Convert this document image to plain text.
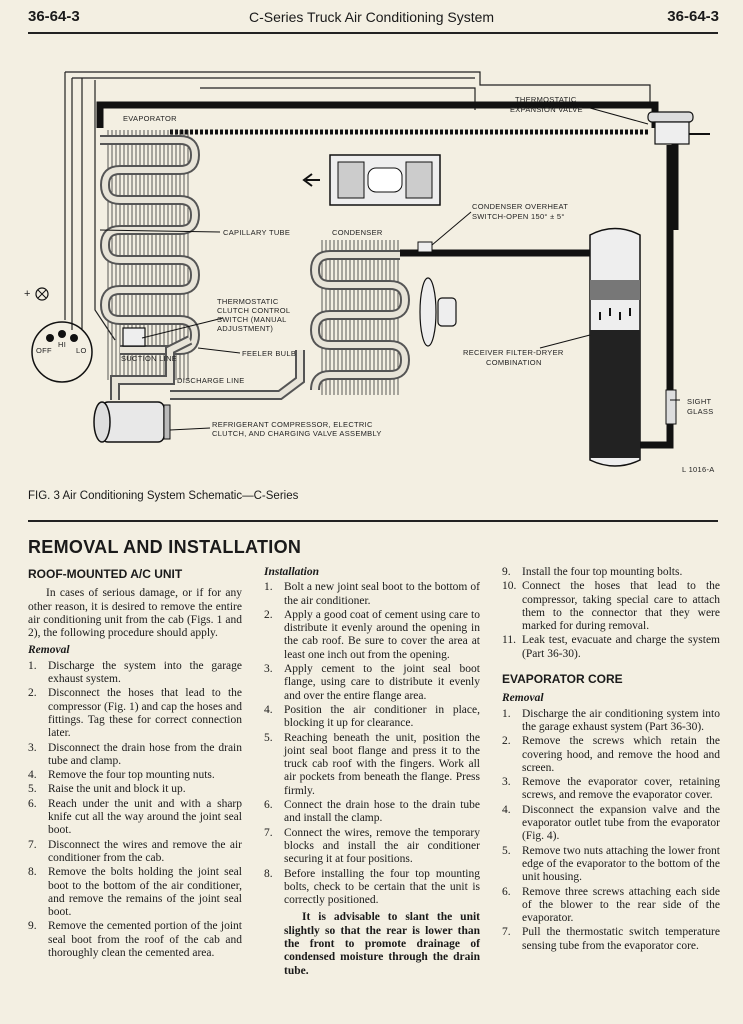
36-64-3	C-Series Truck Air Conditioning System	36-64-3
EVAPORATOR
THERMOSTATIC
EXPANSION VALVE
CONDENSER OVERHEAT
SWITCH-OPEN 150° ± 5°
CAPILLARY TUBE	CONDENSER
THERMOSTATIC
CLUTCH CONTROL
SWITCH (MANUAL
ADJUSTMENT)
FEELER BULB
SUCTION LINE
DISCHARGE LINE
RECEIVER FILTER-DRYER
COMBINATION
SIGHT
GLASS
REFRIGERANT COMPRESSOR, ELECTRIC
CLUTCH, AND CHARGING VALVE ASSEMBLY
OFF
HI
LO
+
L 1016-A
FIG. 3 Air Conditioning System Schematic—C-Series
REMOVAL AND INSTALLATION
ROOF-MOUNTED A/C UNIT

In cases of serious damage, or if for any other reason, it is desired to remove the entire air conditioning unit from the cab (Figs. 1 and 2), the following procedure should apply.

Removal
1. Discharge the system into the garage exhaust system.
2. Disconnect the hoses that lead to the compressor (Fig. 1) and cap the hoses and fittings. Tag these for correct connection later.
3. Disconnect the drain hose from the drain tube and clamp.
4. Remove the four top mounting nuts.
5. Raise the unit and block it up.
6. Reach under the unit and with a sharp knife cut all the way around the joint seal boot.
7. Disconnect the wires and remove the air conditioner from the cab.
8. Remove the bolts holding the joint seal boot to the bottom of the air conditioner, and remove the remains of the joint seal boot.
9. Remove the cemented portion of the joint seal boot from the roof of the cab and thoroughly clean the cemented area.
Installation
1. Bolt a new joint seal boot to the bottom of the air conditioner.
2. Apply a good coat of cement using care to distribute it evenly around the opening in the cab roof. Be sure to cover the area at least one inch out from the opening.
3. Apply cement to the joint seal boot flange, using care to distribute it evenly and over the entire flange area.
4. Position the air conditioner in place, blocking it up for clearance.
5. Reaching beneath the unit, position the joint seal boot flange and press it to the truck cab roof with the fingers. Work all air pockets from beneath the flange. Press firmly.
6. Connect the drain hose to the drain tube and install the clamp.
7. Connect the wires, remove the temporary blocks and install the air conditioner securing it at four positions.
8. Before installing the four top mounting bolts, check to be certain that the unit is correctly positioned.

It is advisable to slant the unit slightly so that the rear is lower than the front to promote drainage of condensed moisture through the drain tube.

9. Install the four top mounting bolts.
10. Connect the hoses that lead to the compressor, taking special care to attach them to the connector that they were marked for during removal.
11. Leak test, evacuate and charge the system (Part 36-30).
EVAPORATOR CORE
Removal
1. Discharge the air conditioning system into the garage exhaust system (Part 36-30).
2. Remove the screws which retain the covering hood, and remove the hood and screen.
3. Remove the evaporator cover, retaining screws, and remove the evaporator cover.
4. Disconnect the expansion valve and the evaporator outlet tube from the evaporator (Fig. 4).
5. Remove two nuts attaching the lower front edge of the evaporator to the bottom of the unit housing.
6. Remove three screws attaching each side of the blower to the rear side of the evaporator.
7. Pull the thermostatic switch temperature sensing tube from the evaporator core.
